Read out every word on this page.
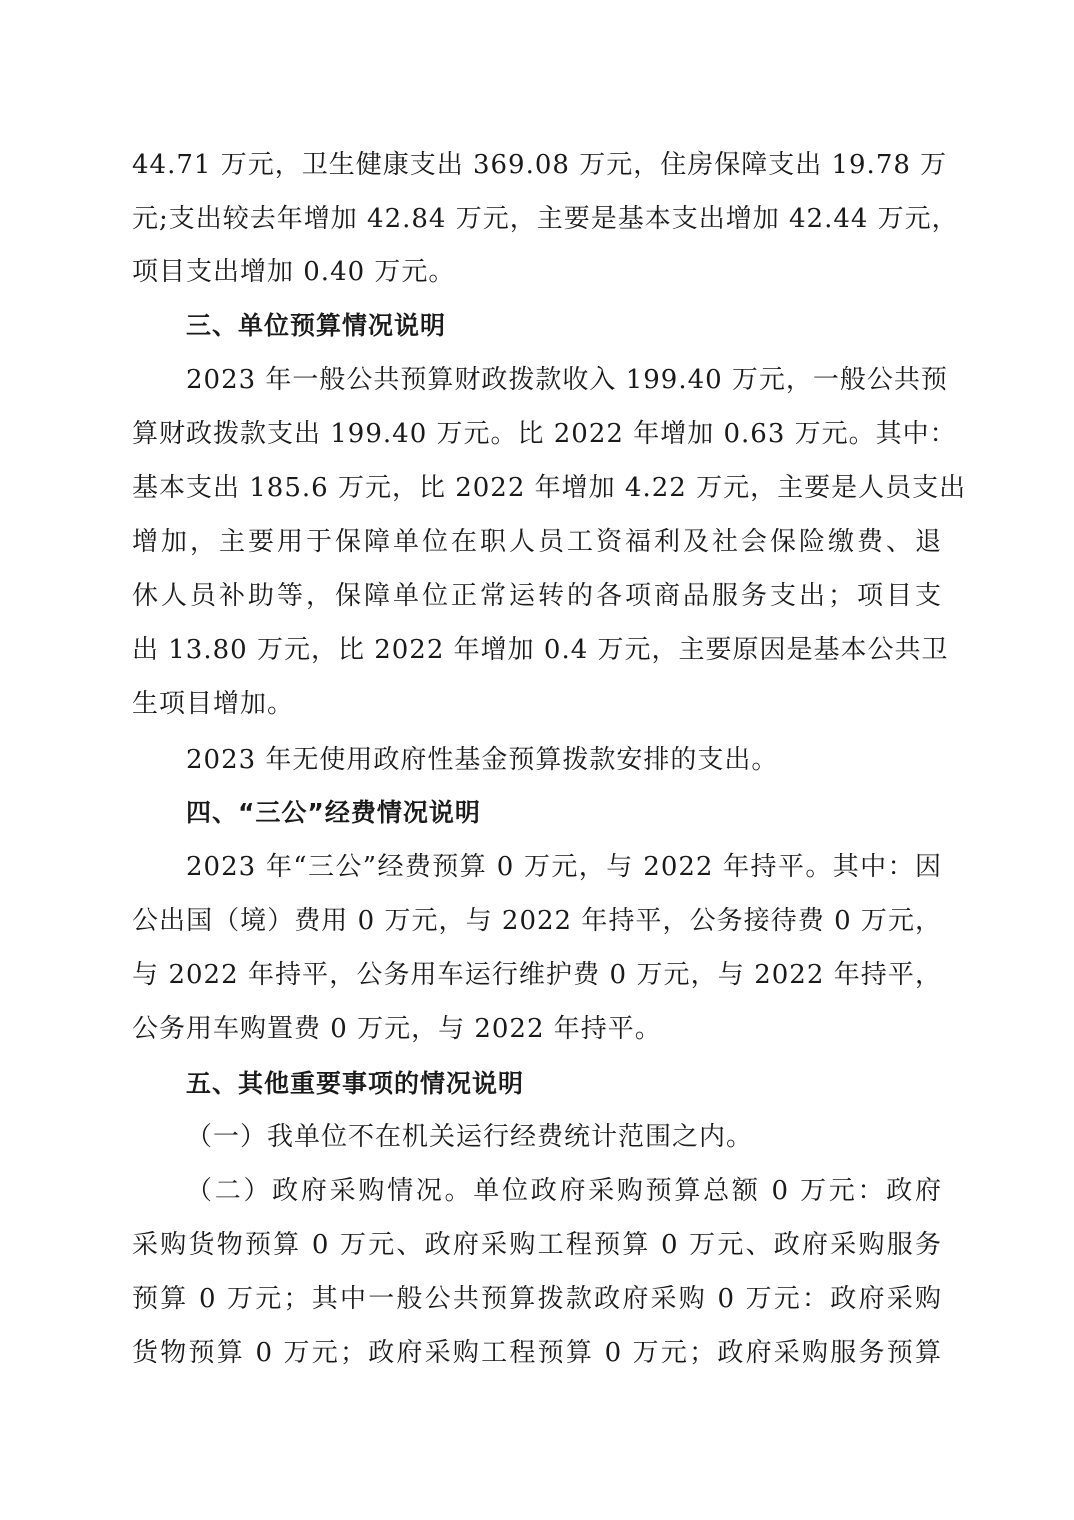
44.71 万元，卫生健康支出 369.08 万元，住房保障支出 19.78 万
元;支出较去年增加 42.84 万元，主要是基本支出增加 42.44 万元，
项目支出增加 0.40 万元。
三、单位预算情况说明
2023 年一般公共预算财政拨款收入 199.40 万元，一般公共预
算财政拨款支出 199.40 万元。比 2022 年增加 0.63 万元。其中：
基本支出 185.6 万元，比 2022 年增加 4.22 万元，主要是人员支出
增加，主要用于保障单位在职人员工资福利及社会保险缴费、退
休人员补助等，保障单位正常运转的各项商品服务支出；项目支
出 13.80 万元，比 2022 年增加 0.4 万元，主要原因是基本公共卫
生项目增加。
2023 年无使用政府性基金预算拨款安排的支出。
四、“三公”经费情况说明
2023 年“三公”经费预算 0 万元，与 2022 年持平。其中：因
公出国（境）费用 0 万元，与 2022 年持平，公务接待费 0 万元，
与 2022 年持平，公务用车运行维护费 0 万元，与 2022 年持平，
公务用车购置费 0 万元，与 2022 年持平。
五、其他重要事项的情况说明
（一）我单位不在机关运行经费统计范围之内。
（二）政府采购情况。单位政府采购预算总额 0 万元：政府
采购货物预算 0 万元、政府采购工程预算 0 万元、政府采购服务
预算 0 万元；其中一般公共预算拨款政府采购 0 万元：政府采购
货物预算 0 万元；政府采购工程预算 0 万元；政府采购服务预算
